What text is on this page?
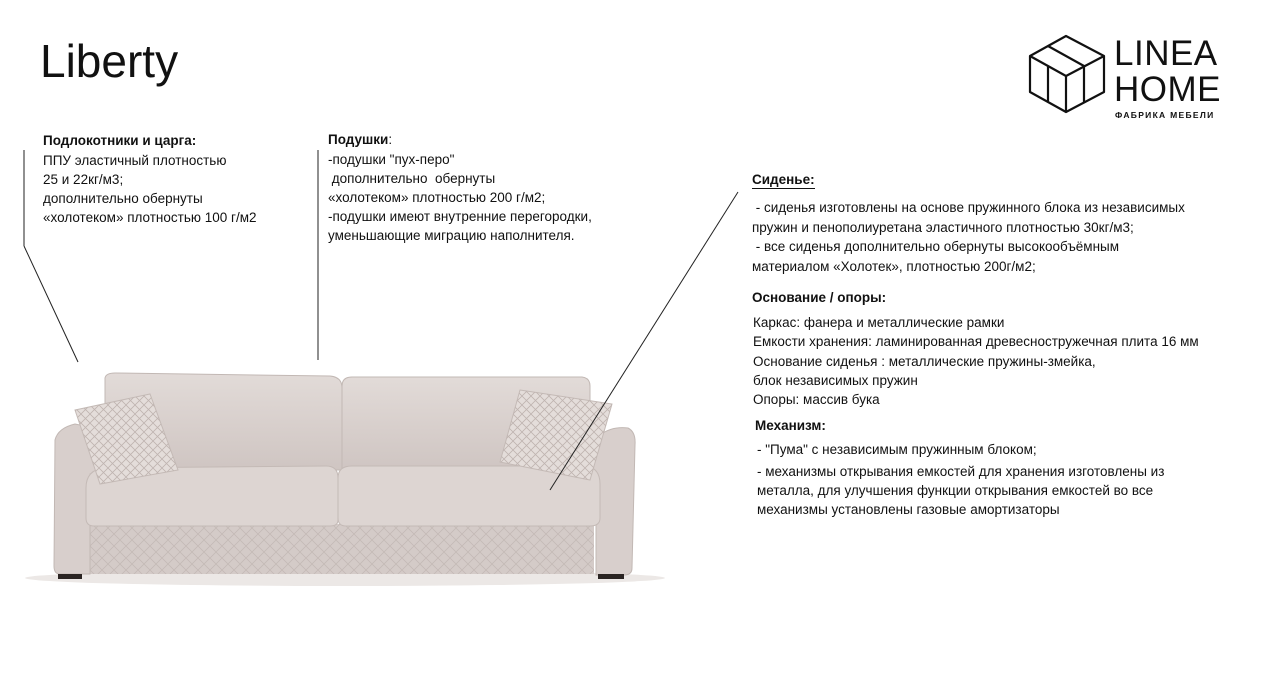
Liberty	LINEA
HOME
ФАБРИКА МЕБЕЛИ
Подлокотники и царга:
ППУ эластичный плотностью
25 и 22кг/м3;
дополнительно обернуты
«холотеком» плотностью 100 г/м2
Подушки:
-подушки "пух-перо"
дополнительно  обернуты
«холотеком» плотностью 200 г/м2;
-подушки имеют внутренние перегородки,
уменьшающие миграцию наполнителя.
Сиденье:
- сиденья изготовлены на основе пружинного блока из независимых
пружин и пенополиуретана эластичного плотностью 30кг/м3;
- все сиденья дополнительно обернуты высокообъёмным
материалом «Холотек», плотностью 200г/м2;
Основание / опоры:
Каркас: фанера и металлические рамки
Емкости хранения: ламинированная древесностружечная плита 16 мм
Основание сиденья : металлические пружины-змейка,
блок независимых пружин
Опоры: массив бука
Механизм:
- "Пума" с независимым пружинным блоком;
- механизмы открывания емкостей для хранения изготовлены из
металла, для улучшения функции открывания емкостей во все
механизмы установлены газовые амортизаторы
